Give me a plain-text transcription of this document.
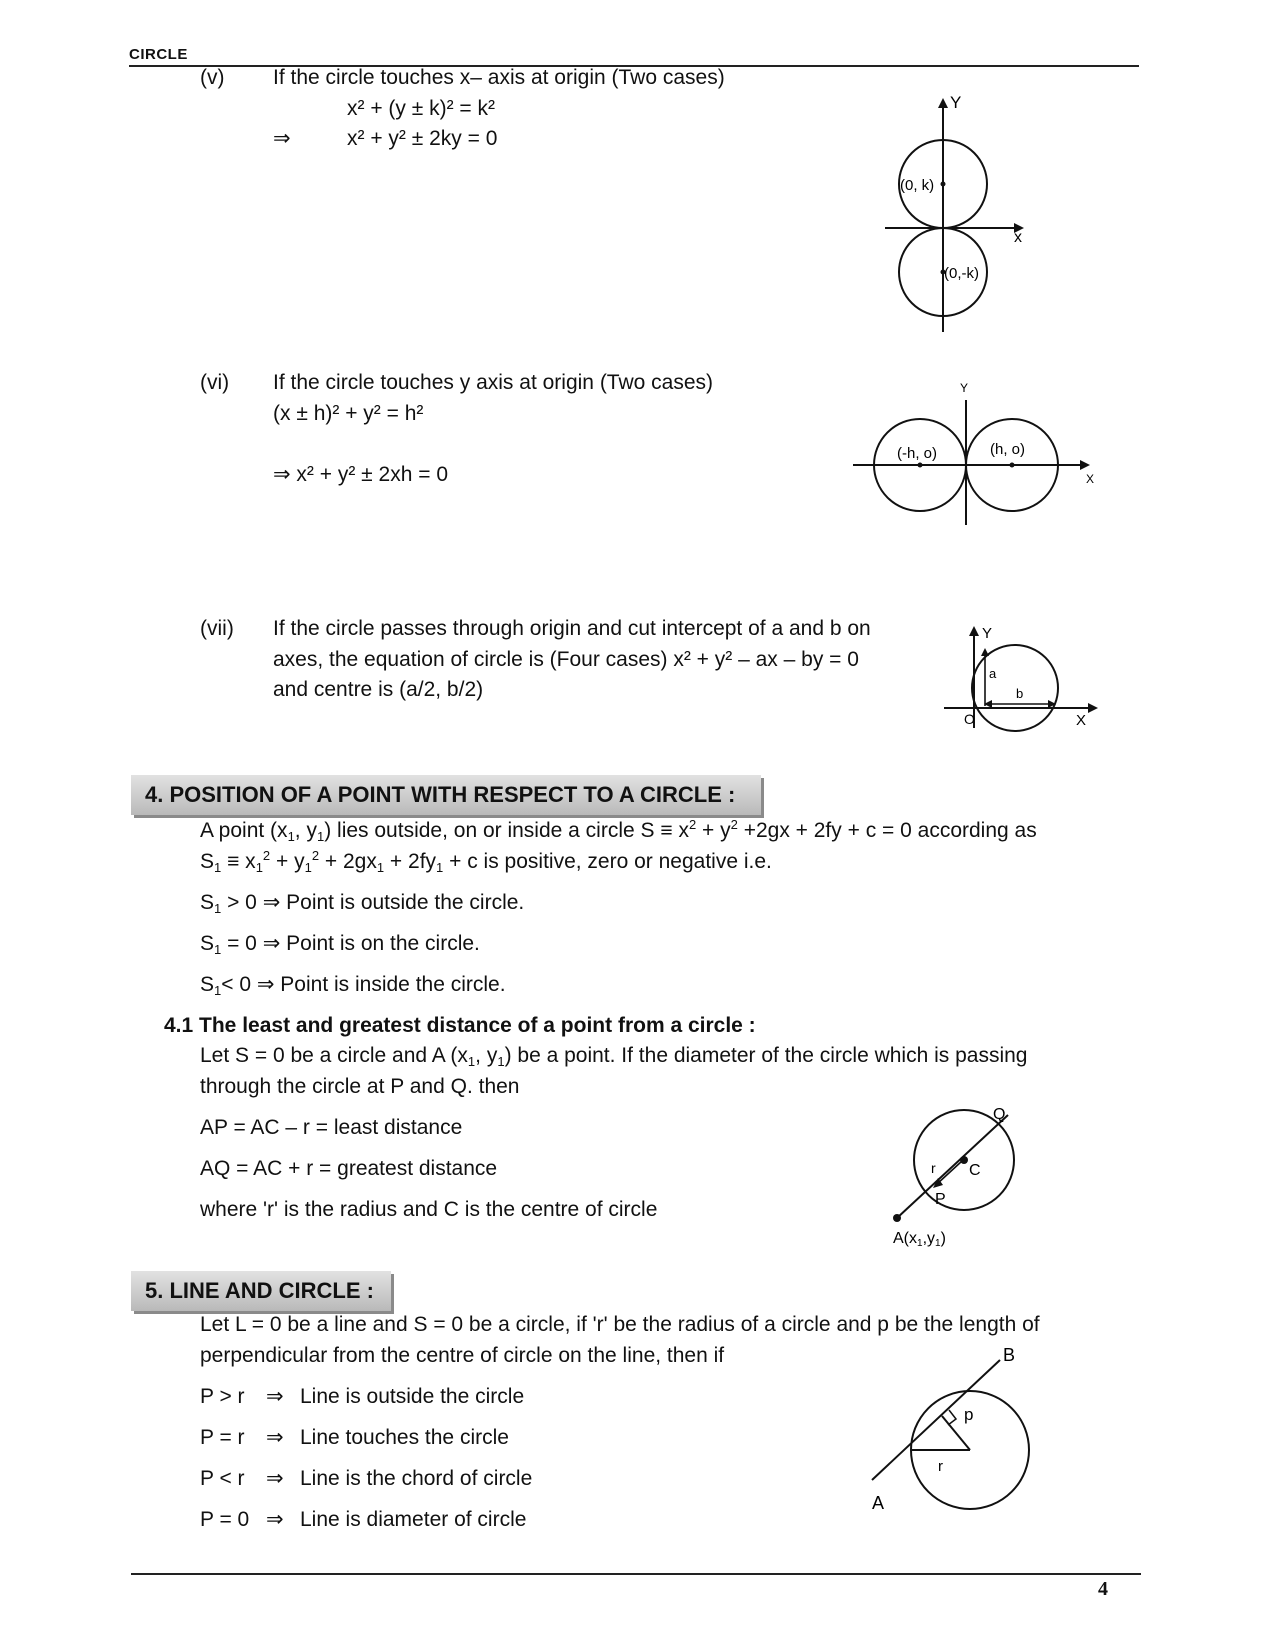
CIRCLE
(v) If the circle touches x– axis at origin (Two cases)
x² + (y ± k)² = k²
⇒	x² + y² ± 2ky = 0
Y
x
(0, k)
(0,-k)
(vi) If the circle touches y axis at origin (Two cases)
(x ± h)² + y² = h²
⇒ x² + y² ± 2xh = 0
Y
X
(-h, o)	(h, o)
(vii) If the circle passes through origin and cut intercept of a and b on
axes, the equation of circle is (Four cases) x² + y² – ax – by = 0
and centre is (a/2, b/2)
Y
X
O
a
b
4. POSITION OF A POINT WITH RESPECT TO A CIRCLE :
A point ($x_1$, $y_1$) lies outside, on or inside a circle $S \equiv x^2 + y^2 +2gx + 2fy + c = 0$ according as
$S_1 \equiv x_1^2 + y_1^2 + 2gx_1 + 2fy_1 + c$ is positive, zero or negative i.e.
$S_1 > 0$ ⇒ Point is outside the circle.
$S_1 = 0$ ⇒ Point is on the circle.
$S_1< 0$ ⇒ Point is inside the circle.
4.1 The least and greatest distance of a point from a circle :
Let S = 0 be a circle and A ($x_1$, $y_1$) be a point. If the diameter of the circle which is passing
through the circle at P and Q. then
AP = AC – r = least distance
AQ = AC + r = greatest distance
where 'r' is the radius and C is the centre of circle
Q
C
P
r
A(x1,y1)
5. LINE AND CIRCLE :
Let L = 0 be a line and S = 0 be a circle, if 'r' be the radius of a circle and p be the length of
perpendicular from the centre of circle on the line, then if
P > r ⇒ Line is outside the circle
P = r ⇒ Line touches the circle
P < r ⇒ Line is the chord of circle
P = 0 ⇒ Line is diameter of circle
B
A
p
r
4
